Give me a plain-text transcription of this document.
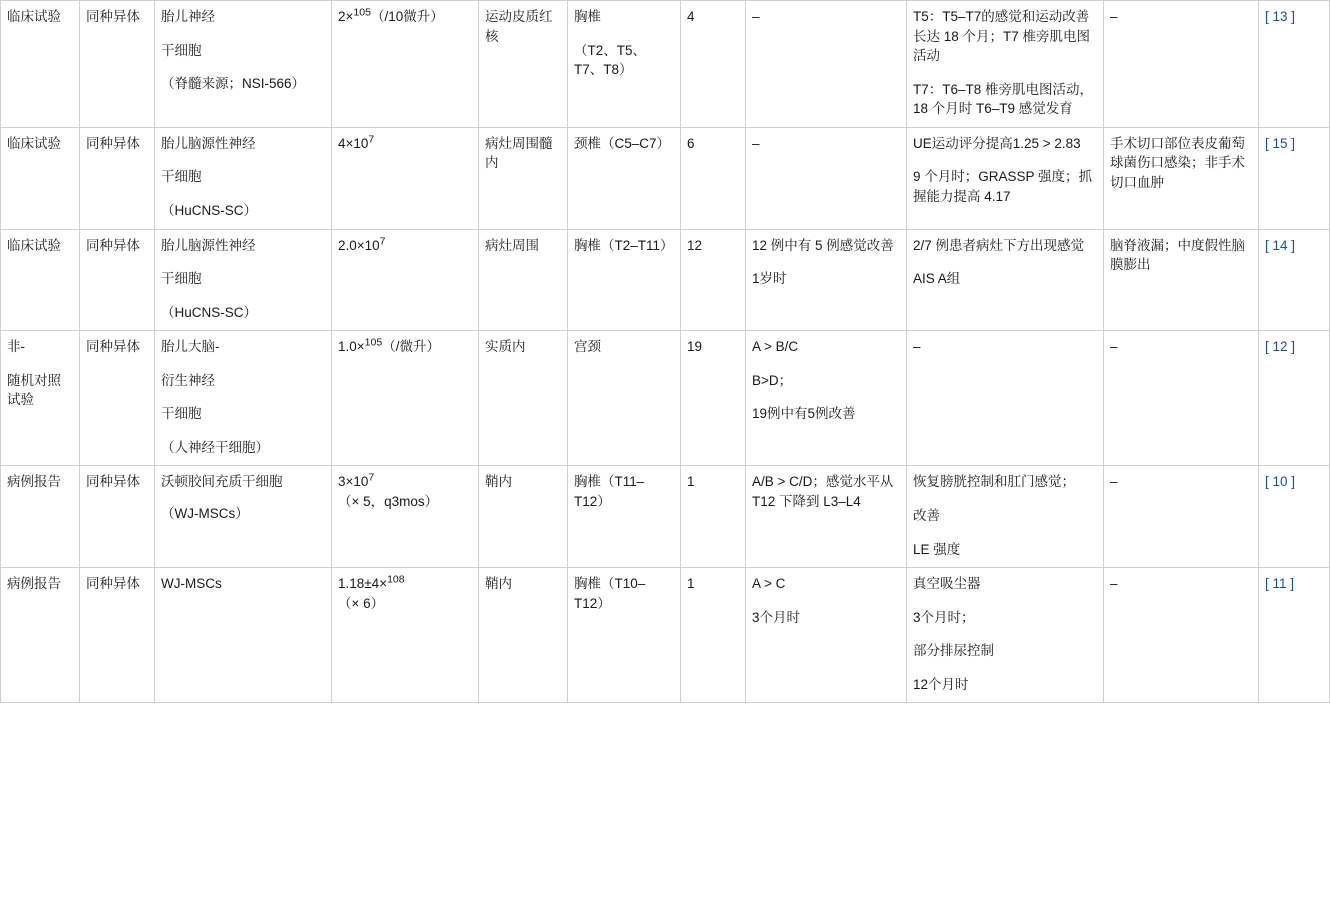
临床试验	同种异体	胎儿神经
干细胞
（脊髓来源；NSI-566）	2×$^{105}$（/10微升）	运动皮质红核	胸椎
（T2、T5、T7、T8）	4	–	T5：T5–T7的感觉和运动改善长达 18 个月；T7 椎旁肌电图活动
T7：T6–T8 椎旁肌电图活动，18 个月时 T6–T9 感觉发育	–	[ 13 ]

临床试验	同种异体	胎儿脑源性神经
干细胞
（HuCNS-SC）	$4\times 10^7$	病灶周围髓内	颈椎（C5–C7）	6	–	UE运动评分提高1.25 > 2.83
9 个月时；GRASSP 强度；抓握能力提高 4.17	手术切口部位表皮葡萄球菌伤口感染；非手术切口血肿	[ 15 ]

临床试验	同种异体	胎儿脑源性神经
干细胞
（HuCNS-SC）	$2.0\times 10^7$	病灶周围	胸椎（T2–T11）	12	12 例中有 5 例感觉改善
1岁时	2/7 例患者病灶下方出现感觉
AIS A组	脑脊液漏；中度假性脑膜膨出	[ 14 ]

非-
随机对照试验	同种异体	胎儿大脑-
衍生神经
干细胞
（人神经干细胞）	1.0×$^{105}$（/微升）	实质内	宫颈	19	A > B/C
B>D；
19例中有5例改善	–	–	[ 12 ]

病例报告	同种异体	沃顿胶间充质干细胞
（WJ-MSCs）	$3\times 10^7$
（× 5，q3mos）	鞘内	胸椎（T11–T12）	1	A/B > C/D；感觉水平从 T12 下降到 L3–L4	恢复膀胱控制和肛门感觉；
改善
LE 强度	–	[ 10 ]

病例报告	同种异体	WJ-MSCs	1.18±4×$^{108}$
（× 6）	鞘内	胸椎（T10–T12）	1	A > C
3个月时	真空吸尘器
3个月时；
部分排尿控制
12个月时	–	[ 11 ]
